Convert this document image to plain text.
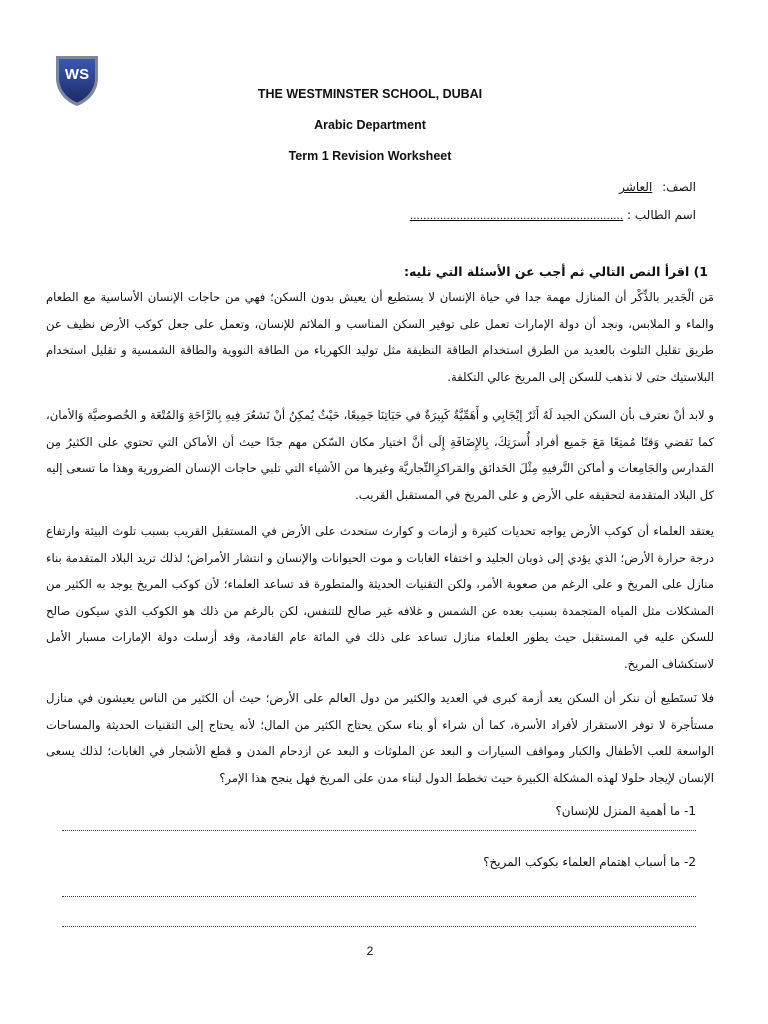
WS
THE WESTMINSTER SCHOOL, DUBAI
Arabic Department
Term 1 Revision Worksheet
الصف: العاشر
اسم الطالب : ................................................................
1) اقرأ النص التالي ثم أجب عن الأسئلة التي تليه:
مَن الْجَدير بالذِّكْر أن المنازل مهمة جدا في حياة الإنسان لا يستطيع أن يعيش بدون السكن؛ فهي من حاجات الإنسان الأساسية مع الطعام والماء و الملابس، ونجد أن دولة الإمارات تعمل على توفير السكن المناسب و الملائم للإنسان، وتعمل على جعل كوكب الأرض نظيف عن طريق تقليل التلوث بالعديد من الطرق استخدام الطاقة النظيفة مثل توليد الكهرباء من الطاقة النووية والطاقة الشمسية و تقليل استخدام البلاستيك حتى لا نذهب للسكن إلى المريخ عالي التكلفة.
و لابد أنْ نعترف بأن السكن الجيد لَهُ أَثَرٌ إيْجَابِي و أَهَمِّيَّةٌ كَبِيرَةٌ في حَيَاتِنَا جَمِيعًا، حَيْثُ يُمكِنُ أنْ نَشعُرَ فِيهِ بِالرَّاحَةِ وَالمُتْعَة و الخُصوصيَّة وَالأمان، كما نَقضي وَقتًا مُمتِعًا مَعَ جَميع أفراد أُسرَتِكَ، بِالإِضَافَةِ إِلَى أنَّ اختيار مكان السّكن مهم جدًا حيث أن الأماكن التي تحتوي على الكثيرُ مِن المَدارس والجَامِعات و أماكن التَّرفيهِ مِثْلَ الحَدائق والمَراكزِالتِّجاريَّة وغيرها من الأشياء التي تلبي حاجات الإنسان الضرورية وهذا ما تسعى إليه كل البلاد المتقدمة لتحقيقه على الأرض و على المريخ في المستقبل القريب.
يعتقد العلماء أن كوكب الأرض يواجه تحديات كثيرة و أزمات و كوارث ستحدث على الأرض في المستقبل القريب بسبب تلوث البيئة وارتفاع درجة حرارة الأرض؛ الذي يؤدي إلى ذوبان الجليد و اختفاء الغابات و موت الحيوانات والإنسان و انتشار الأمراض؛ لذلك تريد البلاد المتقدمة بناء منازل على المريخ و على الرغم من صعوبة الأمر، ولكن التقنيات الحديثة والمتطورة قد تساعد العلماء؛ لأن كوكب المريخ يوجد به الكثير من المشكلات مثل المياه المتجمدة بسبب بعده عن الشمس و غلافه غير صالح للتنفس، لكن بالرغم من ذلك هو الكوكب الذي سيكون صالح للسكن عليه في المستقبل حيث يطور العلماء منازل تساعد على ذلك في المائة عام القادمة، وقد أرسلت دولة الإمارات مسبار الأمل لاستكشاف المريخ.
فلا نَستَطيع أن ننكر أن السكن يعد أزمة كبرى في العديد والكثير من دول العالم على الأرض؛ حيث أن الكثير من الناس يعيشون في منازل مستأجرة لا توفر الاستقرار لأفراد الأسرة، كما أن شراء أو بناء سكن يحتاج الكثير من المال؛ لأنه يحتاج إلى التقنيات الحديثة والمساحات الواسعة للعب الأطفال والكبار ومواقف السيارات و البعد عن الملوثات و البعد عن ازدحام المدن و قطع الأشجار في الغابات؛ لذلك يسعى الإنسان لإيجاد حلولا لهذه المشكلة الكبيرة حيث تخطط الدول لبناء مدن على المريخ فهل ينجح هذا الإمر؟
1- ما أهمية المنزل للإنسان؟
2- ما أسباب اهتمام العلماء بكوكب المريخ؟
2
